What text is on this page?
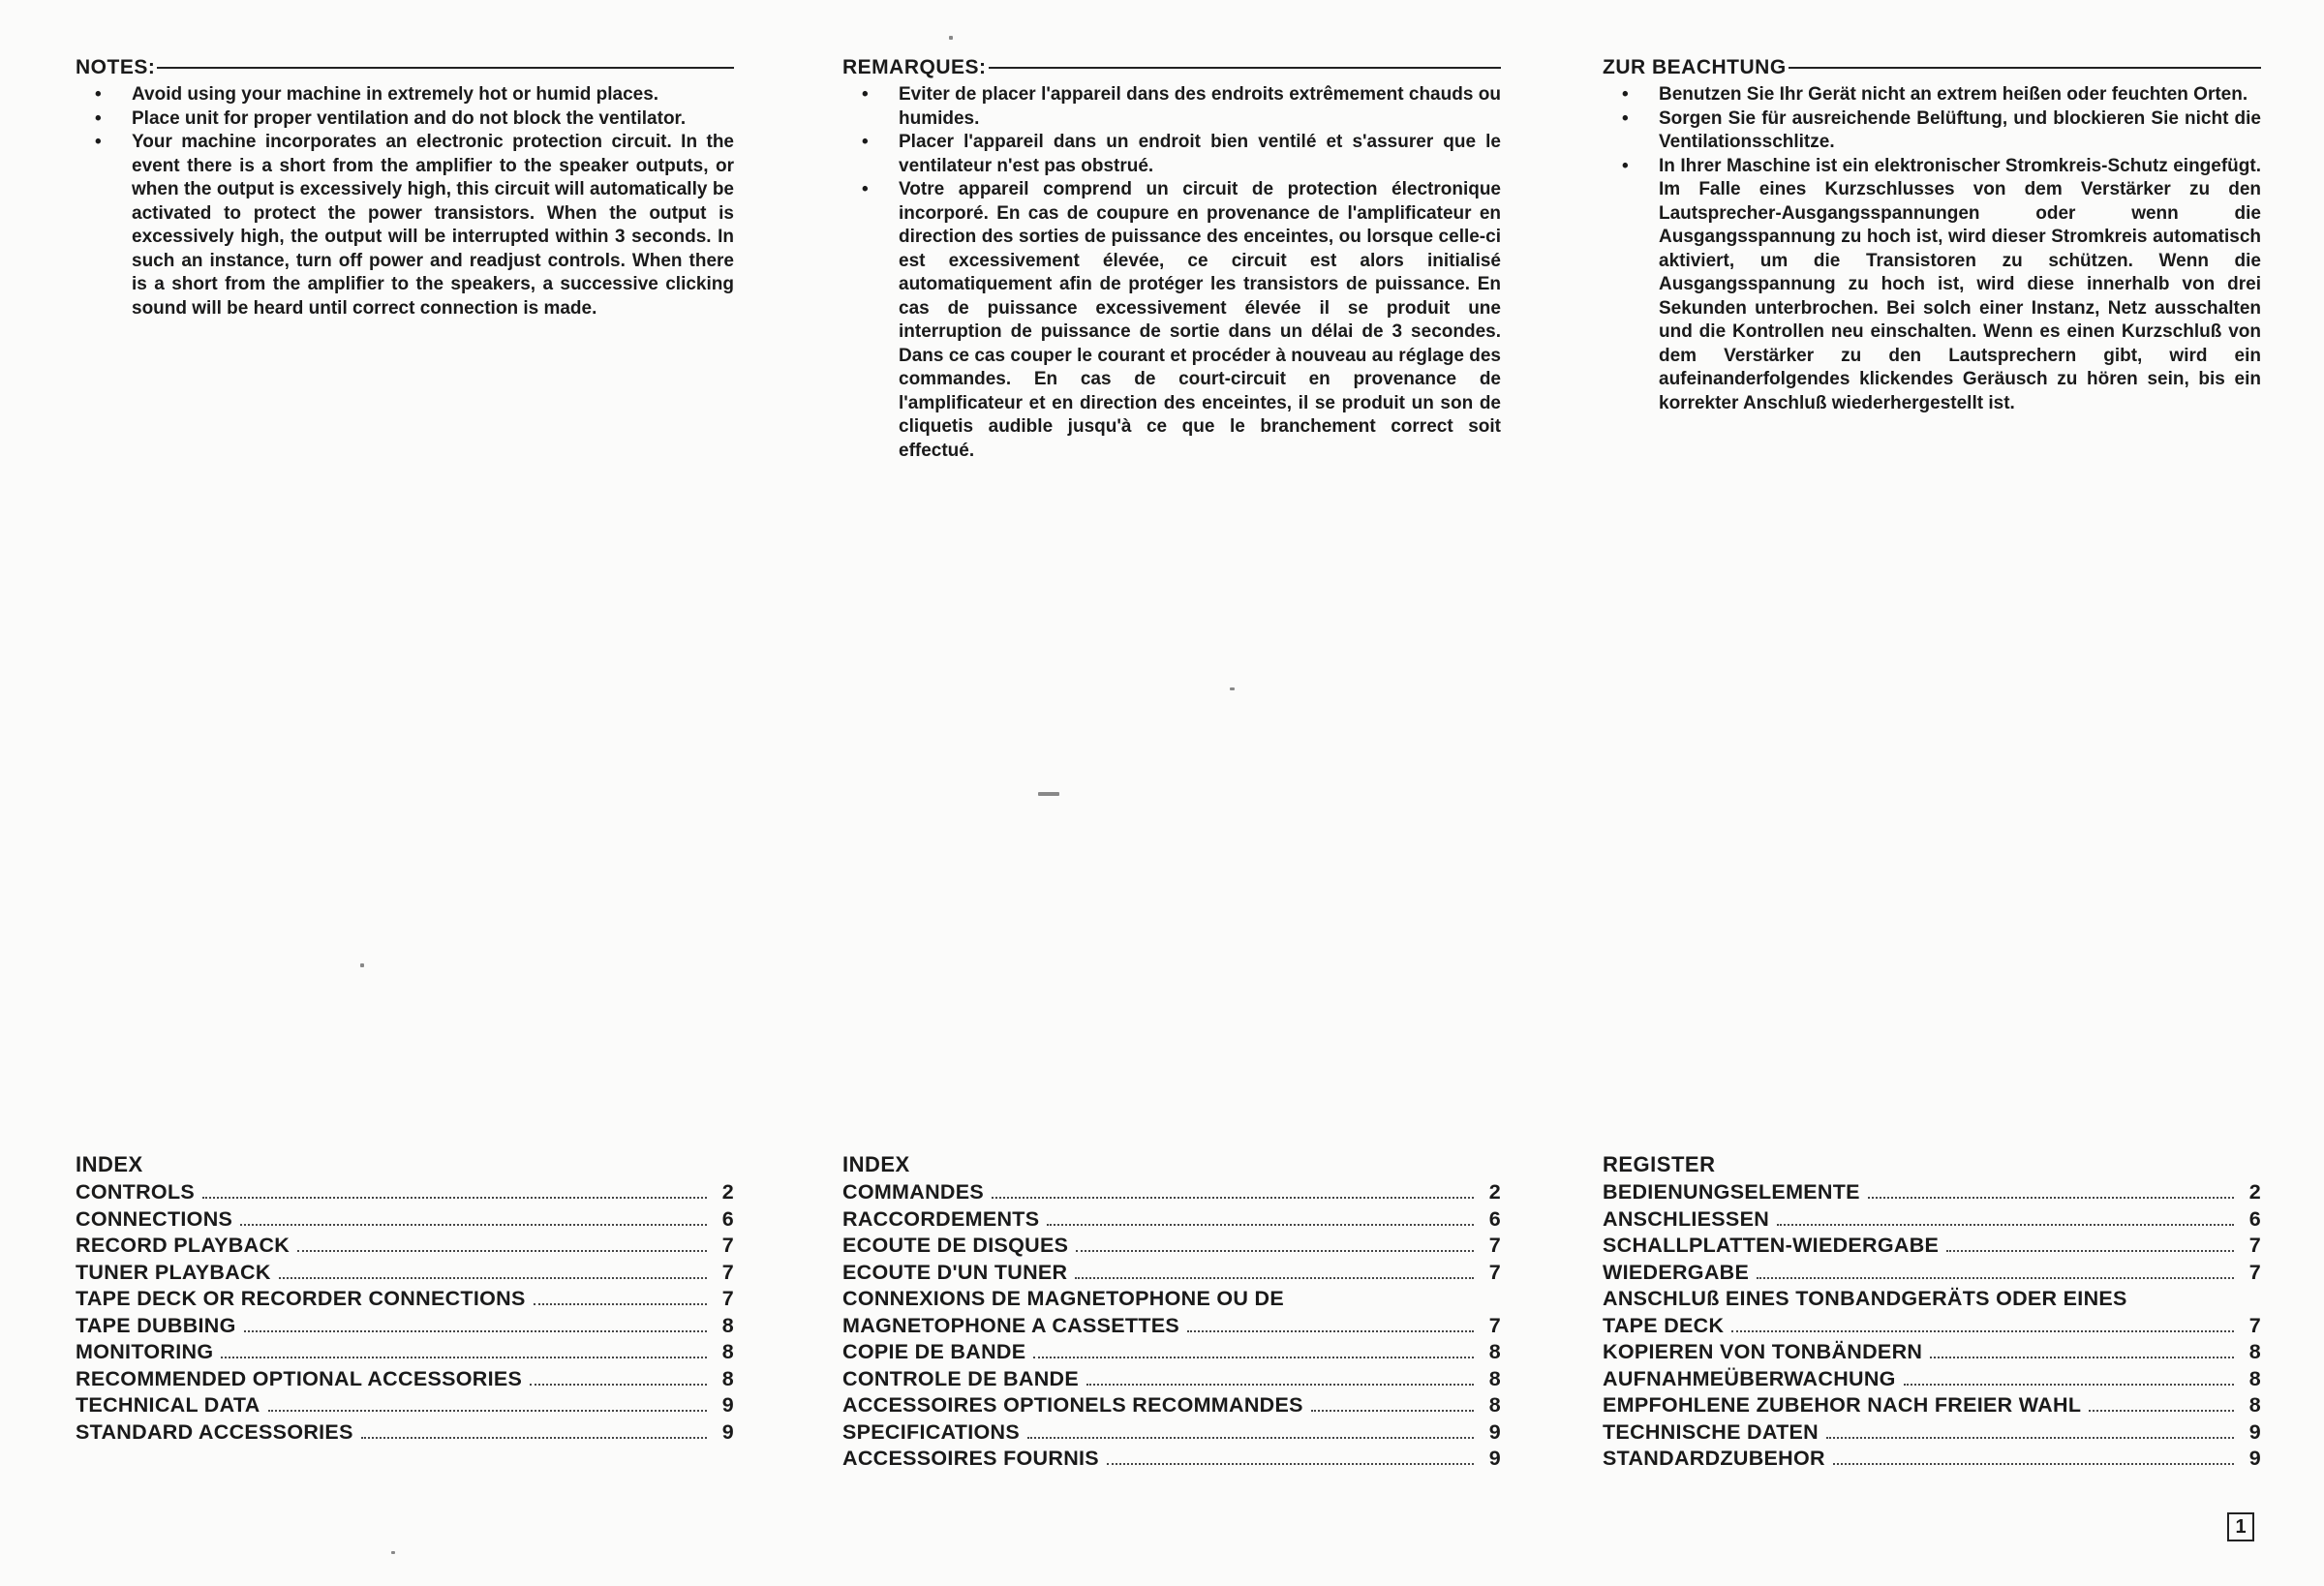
NOTES:
• Avoid using your machine in extremely hot or humid places.
• Place unit for proper ventilation and do not block the ventilator.
• Your machine incorporates an electronic protection circuit. In the event there is a short from the amplifier to the speaker outputs, or when the output is excessively high, this circuit will automatically be activated to protect the power transistors. When the output is excessively high, the output will be interrupted within 3 seconds. In such an instance, turn off power and readjust controls. When there is a short from the amplifier to the speakers, a successive clicking sound will be heard until correct connection is made.
REMARQUES:
• Eviter de placer l'appareil dans des endroits extrêmement chauds ou humides.
• Placer l'appareil dans un endroit bien ventilé et s'assurer que le ventilateur n'est pas obstrué.
• Votre appareil comprend un circuit de protection électronique incorporé. En cas de coupure en provenance de l'amplificateur en direction des sorties de puissance des enceintes, ou lorsque celle-ci est excessivement élevée, ce circuit est alors initialisé automatiquement afin de protéger les transistors de puissance. En cas de puissance excessivement élevée il se produit une interruption de puissance de sortie dans un délai de 3 secondes. Dans ce cas couper le courant et procéder à nouveau au réglage des commandes. En cas de court-circuit en provenance de l'amplificateur et en direction des enceintes, il se produit un son de cliquetis audible jusqu'à ce que le branchement correct soit effectué.
ZUR BEACHTUNG
• Benutzen Sie Ihr Gerät nicht an extrem heißen oder feuchten Orten.
• Sorgen Sie für ausreichende Belüftung, und blockieren Sie nicht die Ventilationsschlitze.
• In Ihrer Maschine ist ein elektronischer Stromkreis-Schutz eingefügt. Im Falle eines Kurzschlusses von dem Verstärker zu den Lautsprecher-Ausgangsspannungen oder wenn die Ausgangsspannung zu hoch ist, wird dieser Stromkreis automatisch aktiviert, um die Transistoren zu schützen. Wenn die Ausgangsspannung zu hoch ist, wird diese innerhalb von drei Sekunden unterbrochen. Bei solch einer Instanz, Netz ausschalten und die Kontrollen neu einschalten. Wenn es einen Kurzschluß von dem Verstärker zu den Lautsprechern gibt, wird ein aufeinanderfolgendes klickendes Geräusch zu hören sein, bis ein korrekter Anschluß wiederhergestellt ist.
INDEX
CONTROLS	2
CONNECTIONS	6
RECORD PLAYBACK	7
TUNER PLAYBACK	7
TAPE DECK OR RECORDER CONNECTIONS	7
TAPE DUBBING	8
MONITORING	8
RECOMMENDED OPTIONAL ACCESSORIES	8
TECHNICAL DATA	9
STANDARD ACCESSORIES	9
INDEX
COMMANDES	2
RACCORDEMENTS	6
ECOUTE DE DISQUES	7
ECOUTE D'UN TUNER	7
CONNEXIONS DE MAGNETOPHONE OU DE
MAGNETOPHONE A CASSETTES	7
COPIE DE BANDE	8
CONTROLE DE BANDE	8
ACCESSOIRES OPTIONELS RECOMMANDES	8
SPECIFICATIONS	9
ACCESSOIRES FOURNIS	9
REGISTER
BEDIENUNGSELEMENTE	2
ANSCHLIESSEN	6
SCHALLPLATTEN-WIEDERGABE	7
WIEDERGABE	7
ANSCHLUß EINES TONBANDGERÄTS ODER EINES
TAPE DECK	7
KOPIEREN VON TONBÄNDERN	8
AUFNAHMEÜBERWACHUNG	8
EMPFOHLENE ZUBEHOR NACH FREIER WAHL	8
TECHNISCHE DATEN	9
STANDARDZUBEHOR	9
1
